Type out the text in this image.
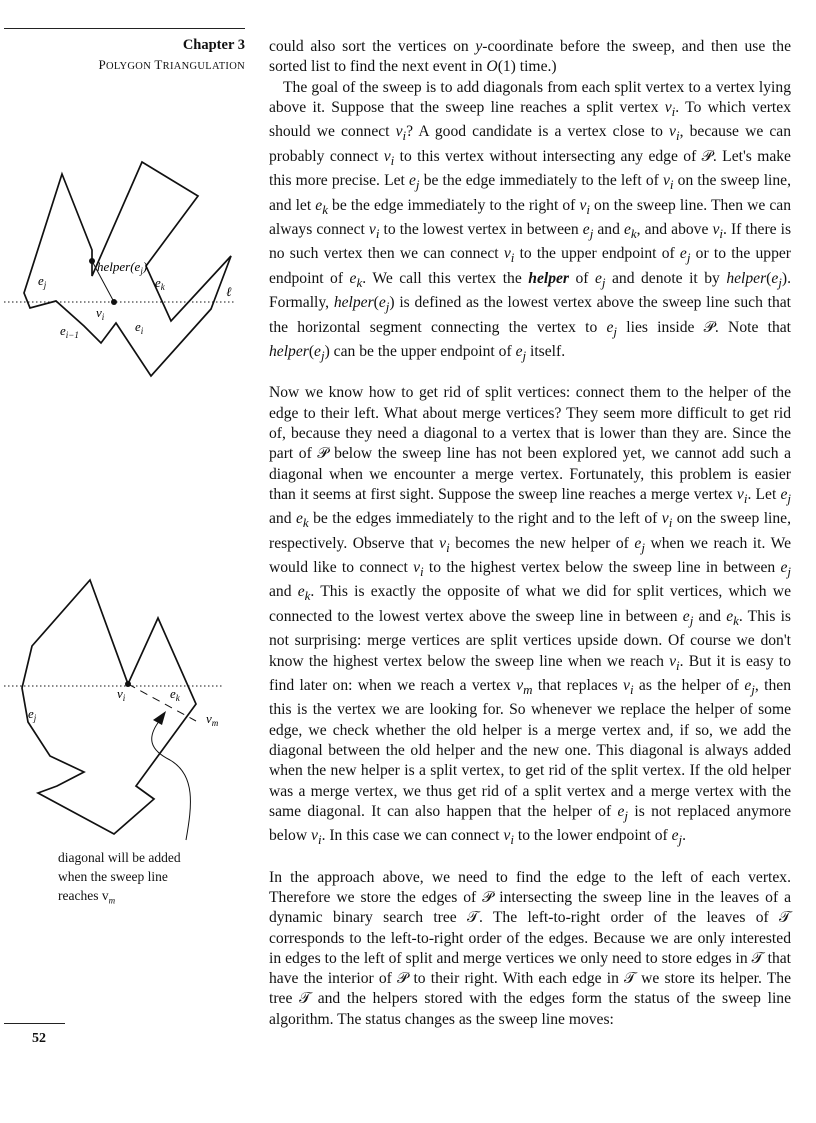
Chapter 3
POLYGON TRIANGULATION

could also sort the vertices on y-coordinate before the sweep, and then use the sorted list to find the next event in O(1) time.)

The goal of the sweep is to add diagonals from each split vertex to a vertex lying above it. Suppose that the sweep line reaches a split vertex $v_i$. To which vertex should we connect $v_i$? A good candidate is a vertex close to $v_i$, because we can probably connect $v_i$ to this vertex without intersecting any edge of 𝒫. Let's make this more precise. Let $e_j$ be the edge immediately to the left of $v_i$ on the sweep line, and let $e_k$ be the edge immediately to the right of $v_i$ on the sweep line. Then we can always connect $v_i$ to the lowest vertex in between $e_j$ and $e_k$, and above $v_i$. If there is no such vertex then we can connect $v_i$ to the upper endpoint of $e_j$ or to the upper endpoint of $e_k$. We call this vertex the helper of $e_j$ and denote it by $helper(e_j)$. Formally, $helper(e_j)$ is defined as the lowest vertex above the sweep line such that the horizontal segment connecting the vertex to $e_j$ lies inside 𝒫. Note that $helper(e_j)$ can be the upper endpoint of $e_j$ itself.

Now we know how to get rid of split vertices: connect them to the helper of the edge to their left. What about merge vertices? They seem more difficult to get rid of, because they need a diagonal to a vertex that is lower than they are. Since the part of 𝒫 below the sweep line has not been explored yet, we cannot add such a diagonal when we encounter a merge vertex. Fortunately, this problem is easier than it seems at first sight. Suppose the sweep line reaches a merge vertex $v_i$. Let $e_j$ and $e_k$ be the edges immediately to the right and to the left of $v_i$ on the sweep line, respectively. Observe that $v_i$ becomes the new helper of $e_j$ when we reach it. We would like to connect $v_i$ to the highest vertex below the sweep line in between $e_j$ and $e_k$. This is exactly the opposite of what we did for split vertices, which we connected to the lowest vertex above the sweep line in between $e_j$ and $e_k$. This is not surprising: merge vertices are split vertices upside down. Of course we don't know the highest vertex below the sweep line when we reach $v_i$. But it is easy to find later on: when we reach a vertex $v_m$ that replaces $v_i$ as the helper of $e_j$, then this is the vertex we are looking for. So whenever we replace the helper of some edge, we check whether the old helper is a merge vertex and, if so, we add the diagonal between the old helper and the new one. This diagonal is always added when the new helper is a split vertex, to get rid of the split vertex. If the old helper was a merge vertex, we thus get rid of a split vertex and a merge vertex with the same diagonal. It can also happen that the helper of $e_j$ is not replaced anymore below $v_i$. In this case we can connect $v_i$ to the lower endpoint of $e_j$.

In the approach above, we need to find the edge to the left of each vertex. Therefore we store the edges of 𝒫 intersecting the sweep line in the leaves of a dynamic binary search tree 𝒯. The left-to-right order of the leaves of 𝒯 corresponds to the left-to-right order of the edges. Because we are only interested in edges to the left of split and merge vertices we only need to store edges in 𝒯 that have the interior of 𝒫 to their right. With each edge in 𝒯 we store its helper. The tree 𝒯 and the helpers stored with the edges form the status of the sweep line algorithm. The status changes as the sweep line moves:

$helper(e_j)$
$e_j$	$e_k$	ℓ
$v_i$
$e_{i-1}$
$e_i$
$v_i$	$e_k$
$e_j$	$v_m$

diagonal will be added
when the sweep line
reaches $v_m$

52
